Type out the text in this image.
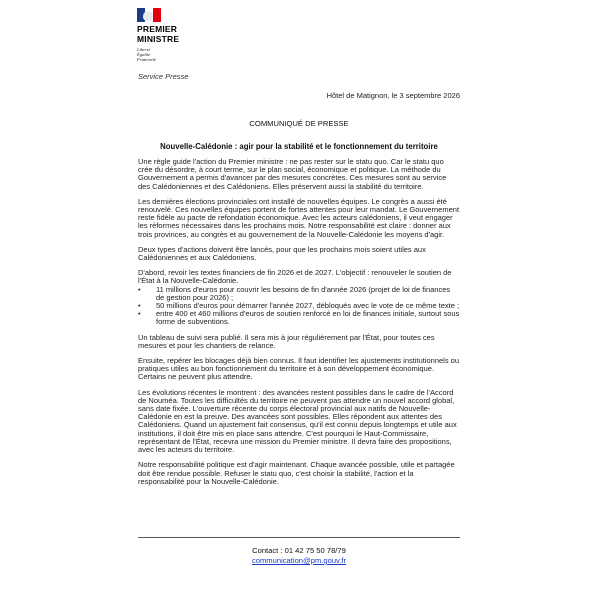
PREMIER
MINISTRE
Liberté
Égalité
Fraternité
Service Presse
Hôtel de Matignon, le 3 septembre 2026
COMMUNIQUÉ DE PRESSE
Nouvelle-Calédonie : agir pour la stabilité et le fonctionnement du territoire

Une règle guide l'action du Premier ministre : ne pas rester sur le statu quo. Car le statu quo crée du désordre, à court terme, sur le plan social, économique et politique. La méthode du Gouvernement a permis d'avancer par des mesures concrètes. Ces mesures sont au service des Calédoniennes et des Calédoniens. Elles préservent aussi la stabilité du territoire.

Les dernières élections provinciales ont installé de nouvelles équipes. Le congrès a aussi été renouvelé. Ces nouvelles équipes portent de fortes attentes pour leur mandat. Le Gouvernement reste fidèle au pacte de refondation économique. Avec les acteurs calédoniens, il veut engager les réformes nécessaires dans les prochains mois. Notre responsabilité est claire : donner aux trois provinces, au congrès et au gouvernement de la Nouvelle-Calédonie les moyens d'agir.

Deux types d'actions doivent être lancés, pour que les prochains mois soient utiles aux Calédoniennes et aux Calédoniens.

D'abord, revoir les textes financiers de fin 2026 et de 2027. L'objectif : renouveler le soutien de l'État à la Nouvelle-Calédonie.

•	11 millions d'euros pour couvrir les besoins de fin d'année 2026 (projet de loi de finances de gestion pour 2026) ;
•	50 millions d'euros pour démarrer l'année 2027, débloqués avec le vote de ce même texte ;
•	entre 400 et 460 millions d'euros de soutien renforcé en loi de finances initiale, surtout sous forme de subventions.

Un tableau de suivi sera publié. Il sera mis à jour régulièrement par l'État, pour toutes ces mesures et pour les chantiers de relance.

Ensuite, repérer les blocages déjà bien connus. Il faut identifier les ajustements institutionnels ou pratiques utiles au bon fonctionnement du territoire et à son développement économique. Certains ne peuvent plus attendre.

Les évolutions récentes le montrent : des avancées restent possibles dans le cadre de l'Accord de Nouméa. Toutes les difficultés du territoire ne peuvent pas attendre un nouvel accord global, sans date fixée. L'ouverture récente du corps électoral provincial aux natifs de Nouvelle-Calédonie en est la preuve. Des avancées sont possibles. Elles répondent aux attentes des Calédoniens. Quand un ajustement fait consensus, qu'il est connu depuis longtemps et utile aux institutions, il doit être mis en place sans attendre. C'est pourquoi le Haut-Commissaire, représentant de l'État, recevra une mission du Premier ministre. Il devra faire des propositions, avec les acteurs du territoire.

Notre responsabilité politique est d'agir maintenant. Chaque avancée possible, utile et partagée doit être rendue possible. Refuser le statu quo, c'est choisir la stabilité, l'action et la responsabilité pour la Nouvelle-Calédonie.

Contact : 01 42 75 50 78/79
communication@pm.gouv.fr
